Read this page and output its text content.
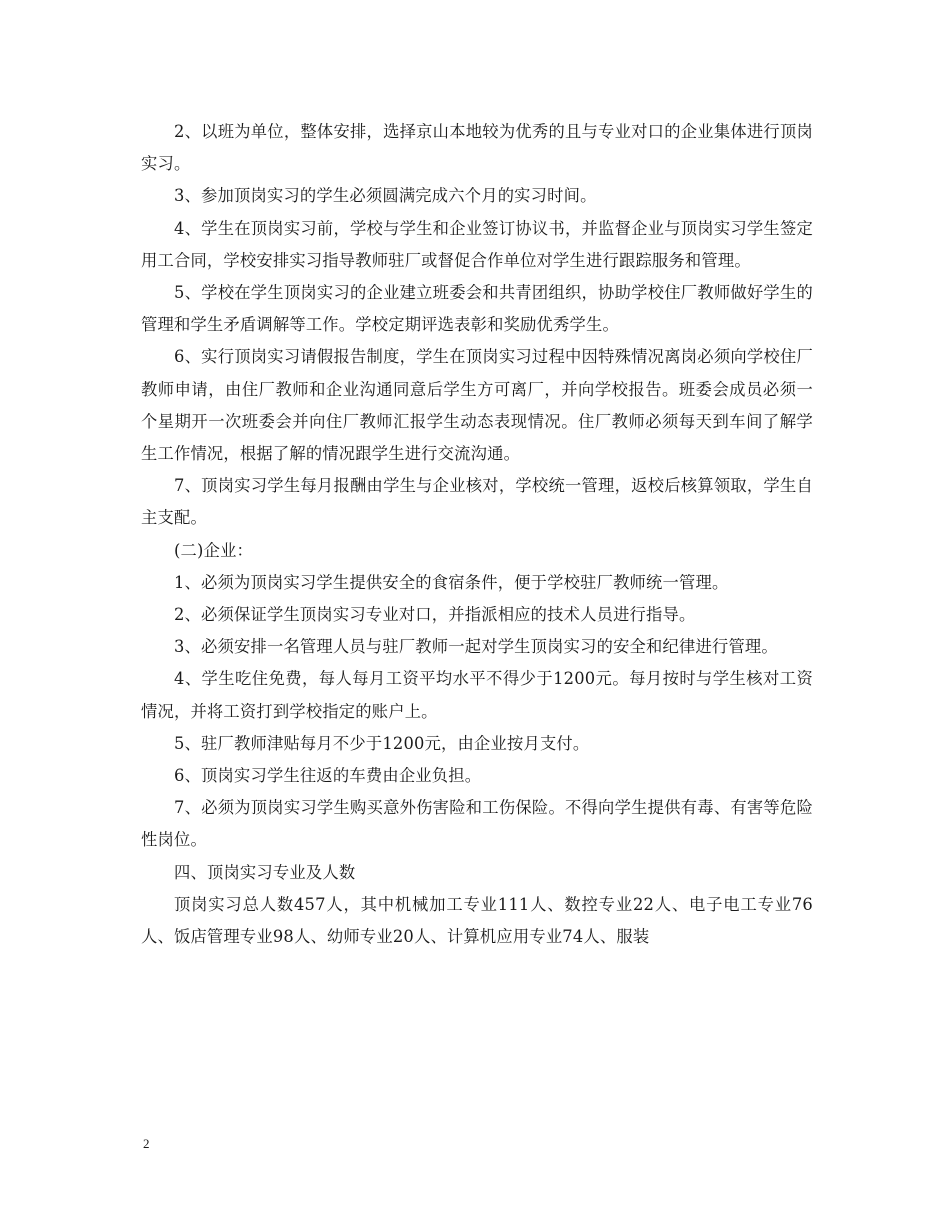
2、以班为单位，整体安排，选择京山本地较为优秀的且与专业对口的企业集体进行顶岗实习。

3、参加顶岗实习的学生必须圆满完成六个月的实习时间。

4、学生在顶岗实习前，学校与学生和企业签订协议书，并监督企业与顶岗实习学生签定用工合同，学校安排实习指导教师驻厂或督促合作单位对学生进行跟踪服务和管理。

5、学校在学生顶岗实习的企业建立班委会和共青团组织，协助学校住厂教师做好学生的管理和学生矛盾调解等工作。学校定期评选表彰和奖励优秀学生。

6、实行顶岗实习请假报告制度，学生在顶岗实习过程中因特殊情况离岗必须向学校住厂教师申请，由住厂教师和企业沟通同意后学生方可离厂，并向学校报告。班委会成员必须一个星期开一次班委会并向住厂教师汇报学生动态表现情况。住厂教师必须每天到车间了解学生工作情况，根据了解的情况跟学生进行交流沟通。

7、顶岗实习学生每月报酬由学生与企业核对，学校统一管理，返校后核算领取，学生自主支配。

(二)企业：

1、必须为顶岗实习学生提供安全的食宿条件，便于学校驻厂教师统一管理。

2、必须保证学生顶岗实习专业对口，并指派相应的技术人员进行指导。

3、必须安排一名管理人员与驻厂教师一起对学生顶岗实习的安全和纪律进行管理。

4、学生吃住免费，每人每月工资平均水平不得少于1200元。每月按时与学生核对工资情况，并将工资打到学校指定的账户上。

5、驻厂教师津贴每月不少于1200元，由企业按月支付。

6、顶岗实习学生往返的车费由企业负担。

7、必须为顶岗实习学生购买意外伤害险和工伤保险。不得向学生提供有毒、有害等危险性岗位。

四、顶岗实习专业及人数

顶岗实习总人数457人，其中机械加工专业111人、数控专业22人、电子电工专业76人、饭店管理专业98人、幼师专业20人、计算机应用专业74人、服装

2
